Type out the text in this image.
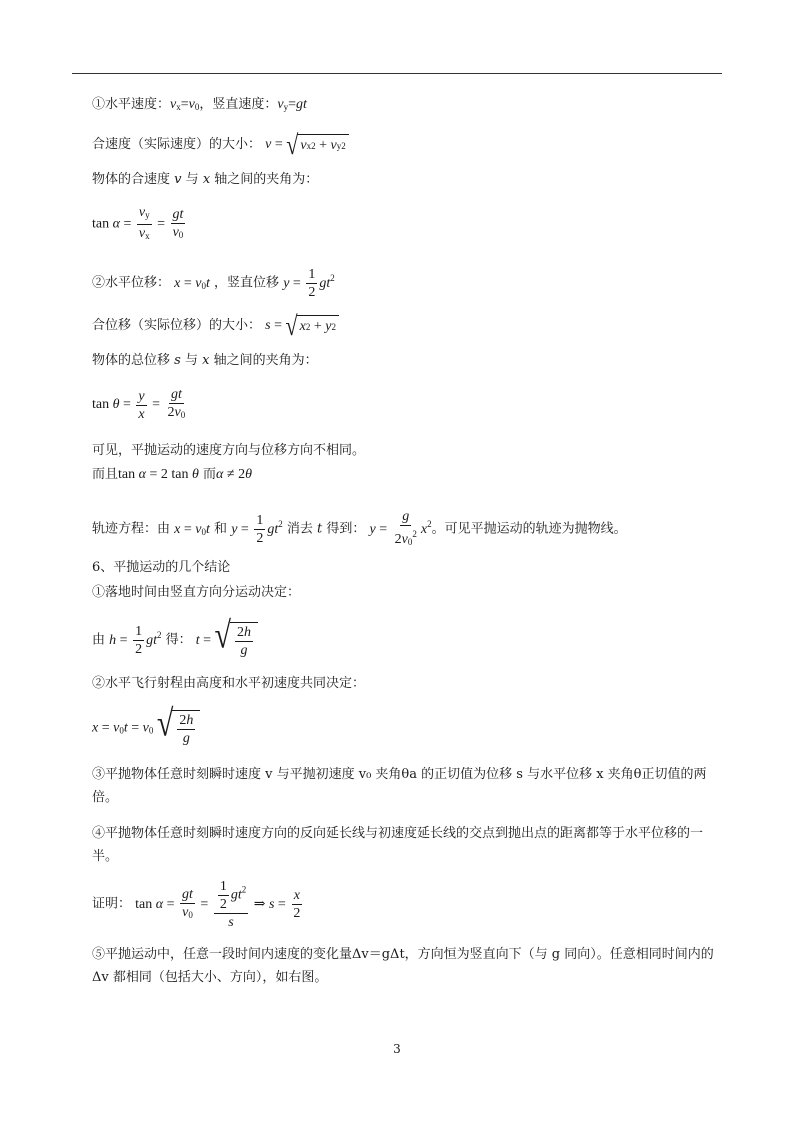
①水平速度：$v_x=v_0$，竖直速度：$v_y=gt$
合速度（实际速度）的大小： v = √ v x 2 + v y 2
物体的合速度 v 与 x 轴之间的夹角为：
$\tan \alpha = \frac{v_y}{v_x} = \frac{gt}{v_0}$
②水平位移： $x = v_0t$ ，竖直位移 $y = \frac{1}{2} gt^2$
合位移（实际位移）的大小： s = √ x 2 + y 2
物体的总位移 s 与 x 轴之间的夹角为：
$\tan \theta = \frac{y}{x} = \frac{gt}{2v_0}$
可见，平抛运动的速度方向与位移方向不相同。
而且tan α = 2 tan θ 而α ≠ 2θ
轨迹方程：由 $x = v_0t$ 和 $y = \frac{1}{2} gt^2$ 消去 t 得到： $y = \frac{g}{2v_0^2} x^2$。可见平抛运动的轨迹为抛物线。
6、平抛运动的几个结论
①落地时间由竖直方向分运动决定：
由 $h = \frac{1}{2} gt^2$ 得： t = √ $\frac{2h}{g}$
②水平飞行射程由高度和水平初速度共同决定：
$x = v_0t = v_0$ √ $\frac{2h}{g}$
③平抛物体任意时刻瞬时速度 v 与平抛初速度 v₀ 夹角θa 的正切值为位移 s 与水平位移 x 夹角θ正切值的两倍。
④平抛物体任意时刻瞬时速度方向的反向延长线与初速度延长线的交点到抛出点的距离都等于水平位移的一半。
证明： $\tan \alpha = \frac{gt}{v_0} = \frac{\frac{1}{2} gt^2}{s}$ ⇒ $s = \frac{x}{2}$
⑤平抛运动中，任意一段时间内速度的变化量Δv＝gΔt，方向恒为竖直向下（与 g 同向）。任意相同时间内的Δv 都相同（包括大小、方向），如右图。
3
